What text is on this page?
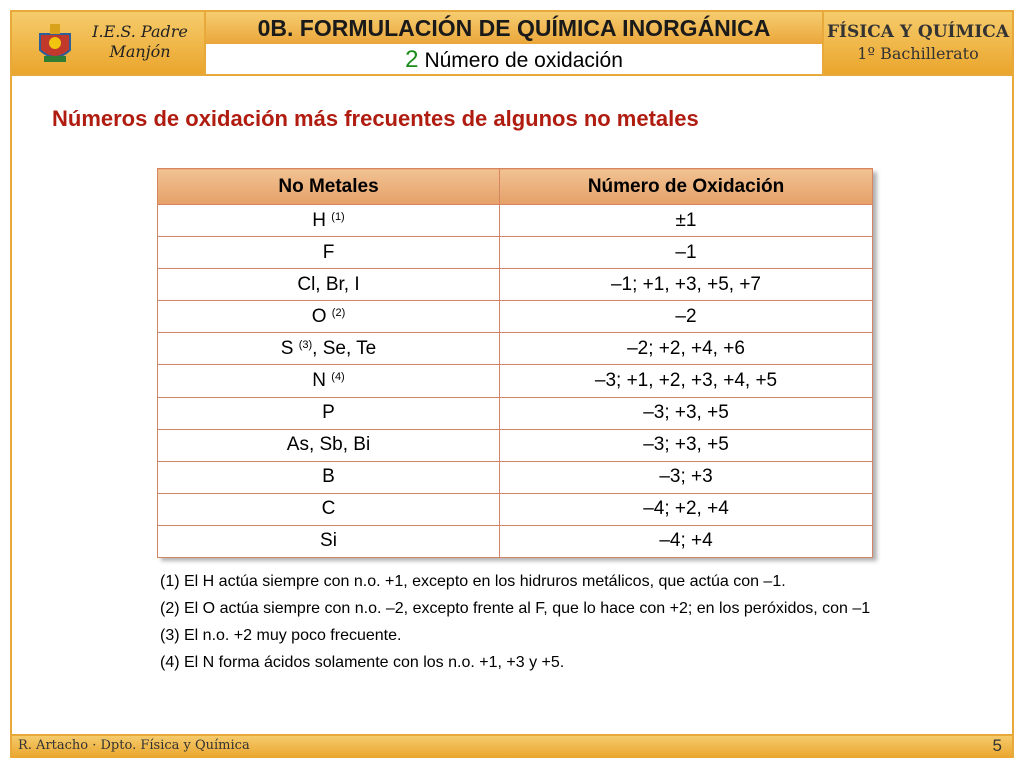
I.E.S. Padre
Manjón
0B. FORMULACIÓN DE QUÍMICA INORGÁNICA
2 Número de oxidación
FÍSICA Y QUÍMICA
1º Bachillerato
Números de oxidación más frecuentes de algunos no metales
No Metales	Número de Oxidación
H $^{(1)}$	±1
F	–1
Cl, Br, I	–1; +1, +3, +5, +7
O $^{(2)}$	–2
S $^{(3)}$, Se, Te	–2; +2, +4, +6
N $^{(4)}$	–3; +1, +2, +3, +4, +5
P	–3; +3, +5
As, Sb, Bi	–3; +3, +5
B	–3; +3
C	–4; +2, +4
Si	–4; +4
(1) El H actúa siempre con n.o. +1, excepto en los hidruros metálicos, que actúa con –1.
(2) El O actúa siempre con n.o. –2, excepto frente al F, que lo hace con +2; en los peróxidos, con –1
(3) El n.o. +2 muy poco frecuente.
(4) El N forma ácidos solamente con los n.o. +1, +3 y +5.
R. Artacho · Dpto. Física y Química	5
